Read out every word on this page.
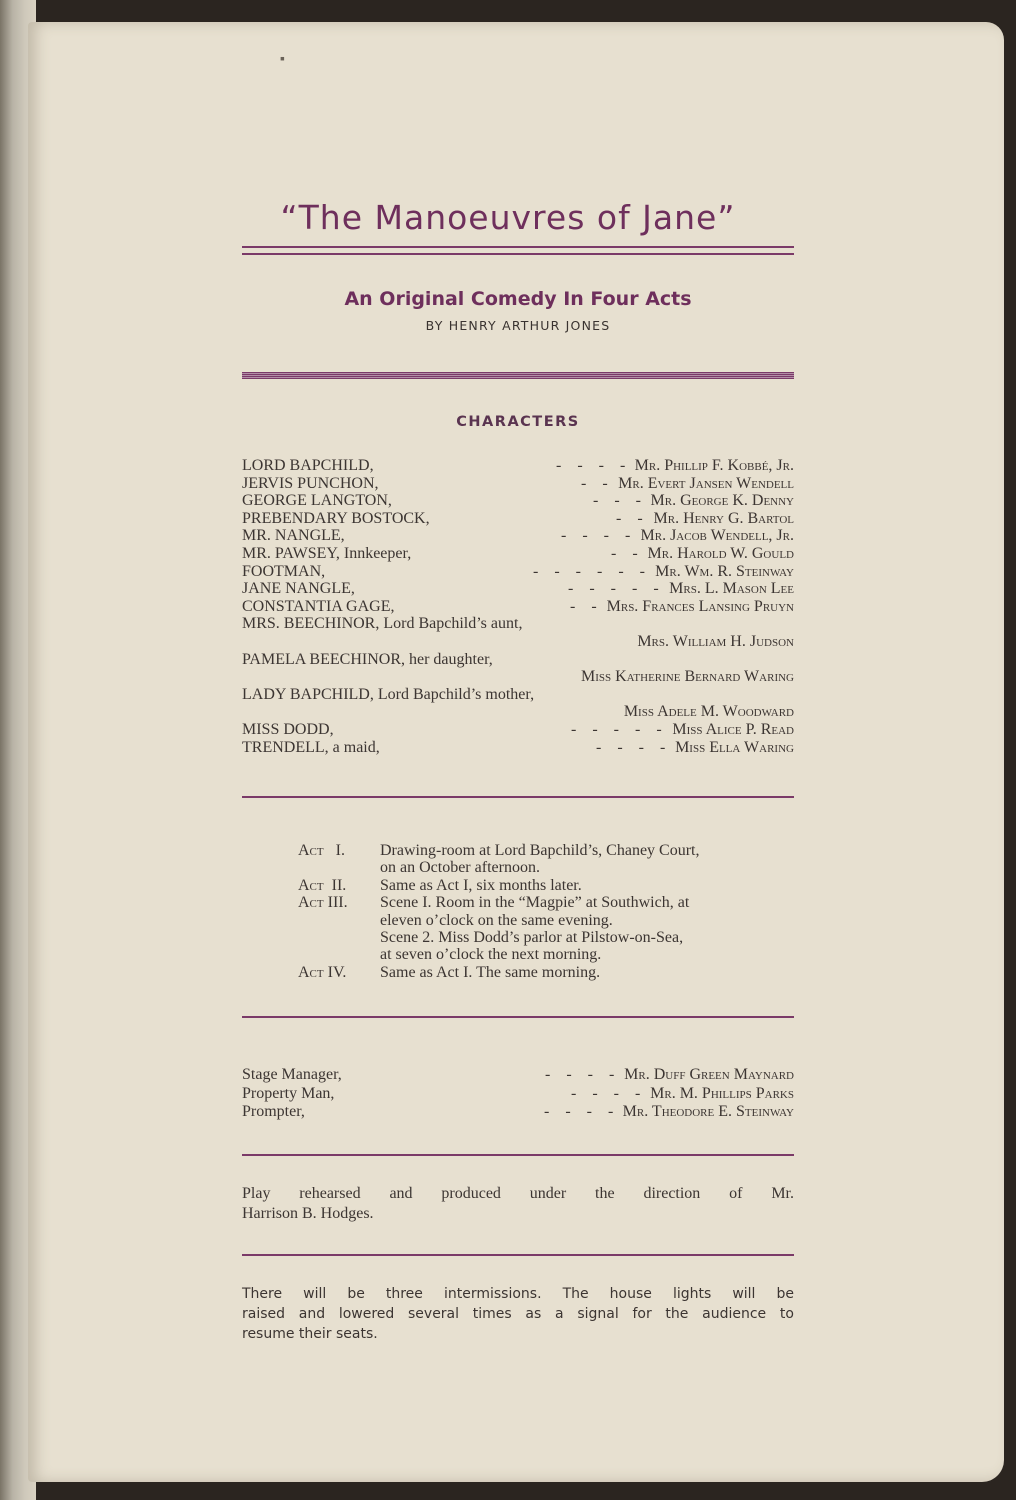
▪
“The Manoeuvres of Jane”
An Original Comedy In Four Acts
BY HENRY ARTHUR JONES
CHARACTERS
LORD BAPCHILD,	-    -    -    - Mr. Phillip F. Kobbé, Jr.
JERVIS PUNCHON,	-    - Mr. Evert Jansen Wendell
GEORGE LANGTON,	-    -    - Mr. George K. Denny
PREBENDARY BOSTOCK,	-    - Mr. Henry G. Bartol
MR. NANGLE,	-    -    -    - Mr. Jacob Wendell, Jr.
MR. PAWSEY, Innkeeper,	-    - Mr. Harold W. Gould
FOOTMAN,	-    -    -    -    -    - Mr. Wm. R. Steinway
JANE NANGLE,	-    -    -    -    - Mrs. L. Mason Lee
CONSTANTIA GAGE,	-    - Mrs. Frances Lansing Pruyn
MRS. BEECHINOR, Lord Bapchild’s aunt,
Mrs. William H. Judson
PAMELA BEECHINOR, her daughter,
Miss Katherine Bernard Waring
LADY BAPCHILD, Lord Bapchild’s mother,
Miss Adele M. Woodward
MISS DODD,	-    -    -    -    - Miss Alice P. Read
TRENDELL, a maid,	-    -    -    - Miss Ella Waring
Act   I. Drawing-room at Lord Bapchild’s, Chaney Court,
on an October afternoon.
Act  II. Same as Act I, six months later.
Act III. Scene I. Room in the “Magpie” at Southwich, at
eleven o’clock on the same evening.
Scene 2. Miss Dodd’s parlor at Pilstow-on-Sea,
at seven o’clock the next morning.
Act IV. Same as Act I. The same morning.
Stage Manager,	-    -    -    - Mr. Duff Green Maynard
Property Man,	-    -    -    - Mr. M. Phillips Parks
Prompter,	-    -    -    - Mr. Theodore E. Steinway
Play rehearsed and produced under the direction of Mr.
Harrison B. Hodges.
There will be three intermissions. The house lights will be
raised and lowered several times as a signal for the audience to
resume their seats.
